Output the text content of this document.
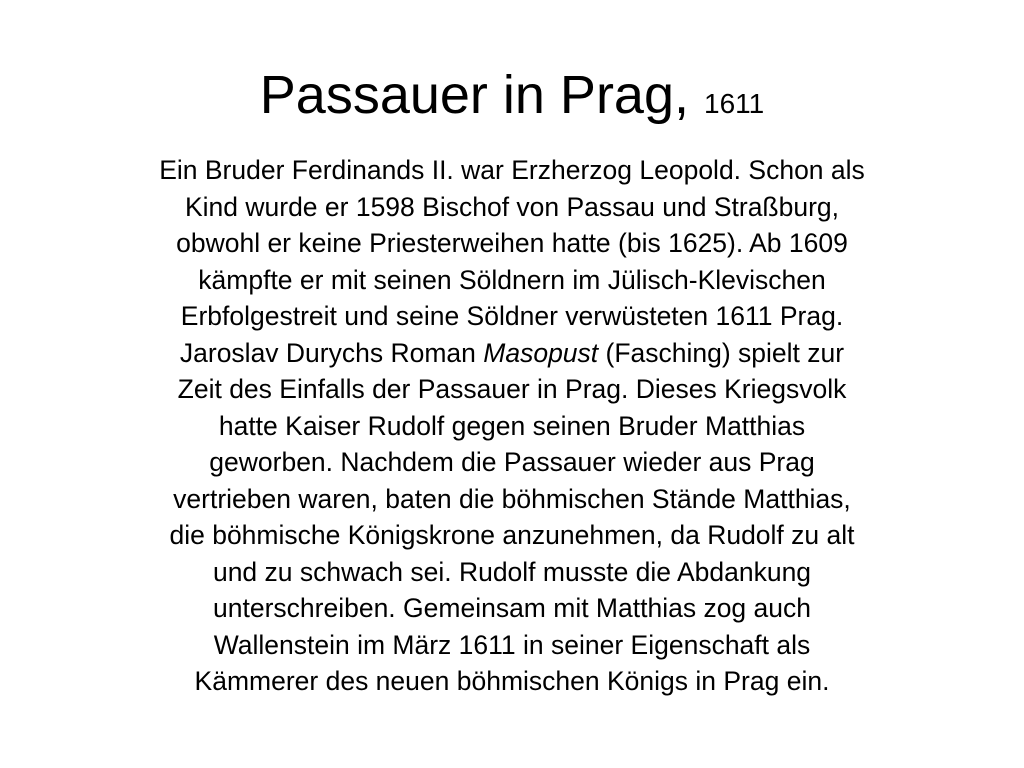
Passauer in Prag, 1611
Ein Bruder Ferdinands II. war Erzherzog Leopold. Schon als
Kind wurde er 1598 Bischof von Passau und Straßburg,
obwohl er keine Priesterweihen hatte (bis 1625). Ab 1609
kämpfte er mit seinen Söldnern im Jülisch-Klevischen
Erbfolgestreit und seine Söldner verwüsteten 1611 Prag.
Jaroslav Durychs Roman Masopust (Fasching) spielt zur
Zeit des Einfalls der Passauer in Prag. Dieses Kriegsvolk
hatte Kaiser Rudolf gegen seinen Bruder Matthias
geworben. Nachdem die Passauer wieder aus Prag
vertrieben waren, baten die böhmischen Stände Matthias,
die böhmische Königskrone anzunehmen, da Rudolf zu alt
und zu schwach sei. Rudolf musste die Abdankung
unterschreiben. Gemeinsam mit Matthias zog auch
Wallenstein im März 1611 in seiner Eigenschaft als
Kämmerer des neuen böhmischen Königs in Prag ein.
